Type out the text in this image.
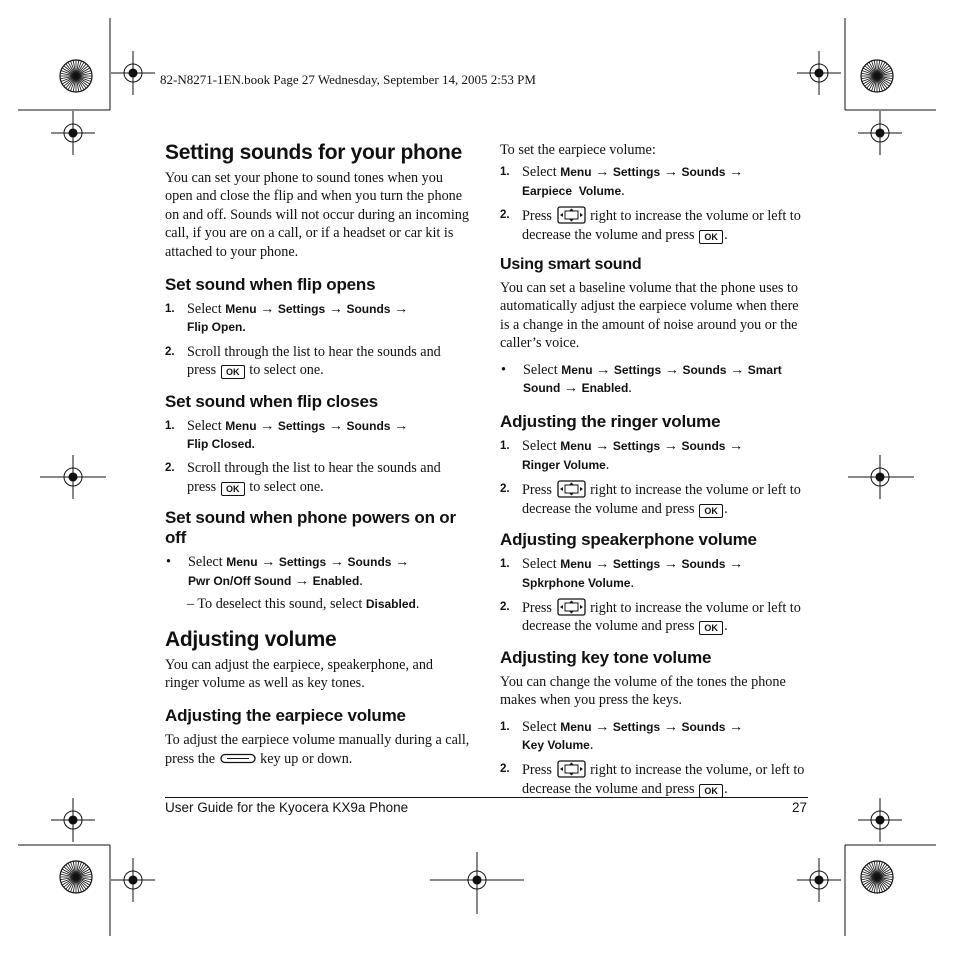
82-N8271-1EN.book Page 27 Wednesday, September 14, 2005 2:53 PM
Setting sounds for your phone

You can set your phone to sound tones when you open and close the flip and when you turn the phone on and off. Sounds will not occur during an incoming call, if you are on a call, or if a headset or car kit is attached to your phone.

Set sound when flip opens
1. Select Menu → Settings → Sounds →
Flip Open.
2. Scroll through the list to hear the sounds and press OK to select one.
Set sound when flip closes
1. Select Menu → Settings → Sounds →
Flip Closed.
2. Scroll through the list to hear the sounds and press OK to select one.
Set sound when phone powers on or off
•	Select Menu → Settings → Sounds →
Pwr On/Off Sound → Enabled.
– To deselect this sound, select Disabled.
Adjusting volume

You can adjust the earpiece, speakerphone, and ringer volume as well as key tones.

Adjusting the earpiece volume

To adjust the earpiece volume manually during a call, press the	key up or down.

To set the earpiece volume:

1. Select Menu → Settings → Sounds →
Earpiece  Volume.
2. Press  right to increase the volume or left to decrease the volume and press OK .
Using smart sound

You can set a baseline volume that the phone uses to automatically adjust the earpiece volume when there is a change in the amount of noise around you or the caller’s voice.

•	Select Menu → Settings → Sounds → Smart Sound → Enabled.
Adjusting the ringer volume
1. Select Menu → Settings → Sounds →
Ringer Volume.
2. Press  right to increase the volume or left to decrease the volume and press OK .
Adjusting speakerphone volume
1. Select Menu → Settings → Sounds →
Spkrphone Volume.
2. Press  right to increase the volume or left to decrease the volume and press OK .
Adjusting key tone volume

You can change the volume of the tones the phone makes when you press the keys.

1. Select Menu → Settings → Sounds →
Key Volume.
2. Press  right to increase the volume, or left to decrease the volume and press OK .
User Guide for the Kyocera KX9a Phone	27
